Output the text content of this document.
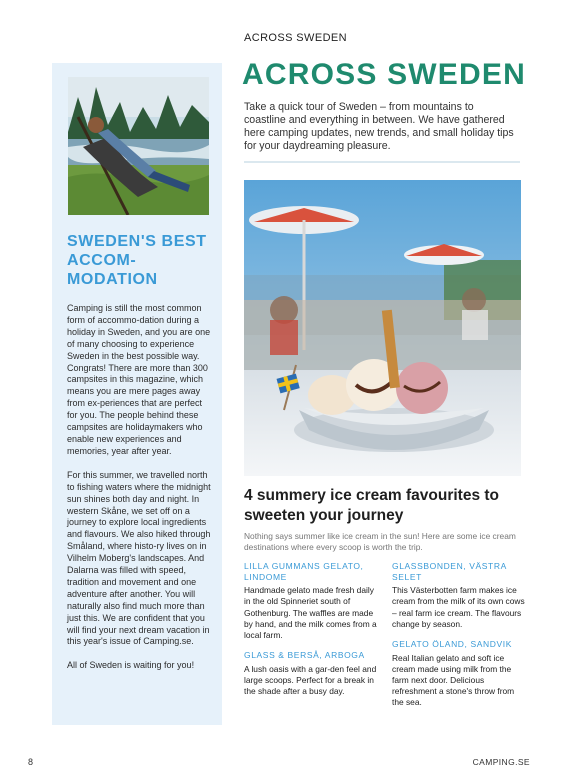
ACROSS SWEDEN
SWEDEN'S BEST ACCOM-MODATION

Camping is still the most common form of accommo-dation during a holiday in Sweden, and you are one of many choosing to experience Sweden in the best possible way. Congrats! There are more than 300 campsites in this magazine, which means you are mere pages away from ex-periences that are perfect for you. The people behind these campsites are holidaymakers who enable new experiences and memories, year after year.

For this summer, we travelled north to fishing waters where the midnight sun shines both day and night. In western Skåne, we set off on a journey to explore local ingredients and flavours. We also hiked through Småland, where histo-ry lives on in Vilhelm Moberg's landscapes. And Dalarna was filled with speed, tradition and movement and one adventure after another. You will naturally also find much more than just this. We are confident that you will find your next dream vacation in this year's issue of Camping.se.

All of Sweden is waiting for you!

ACROSS SWEDEN
Take a quick tour of Sweden – from mountains to coastline and everything in between. We have gathered here camping updates, new trends, and small holiday tips for your daydreaming pleasure.
4 summery ice cream favourites to sweeten your journey
Nothing says summer like ice cream in the sun! Here are some ice cream destinations where every scoop is worth the trip.
LILLA GUMMANS GELATO, LINDOME
Handmade gelato made fresh daily in the old Spinneriet south of Gothenburg. The waffles are made by hand, and the milk comes from a local farm.
GLASS & BERSÅ, ARBOGA
A lush oasis with a gar-den feel and large scoops. Perfect for a break in the shade after a busy day.
GLASSBONDEN, VÄSTRA SELET
This Västerbotten farm makes ice cream from the milk of its own cows – real farm ice cream. The flavours change by season.
GELATO ÖLAND, SANDVIK
Real Italian gelato and soft ice cream made using milk from the farm next door. Delicious refreshment a stone's throw from the sea.
8	CAMPING.SE
